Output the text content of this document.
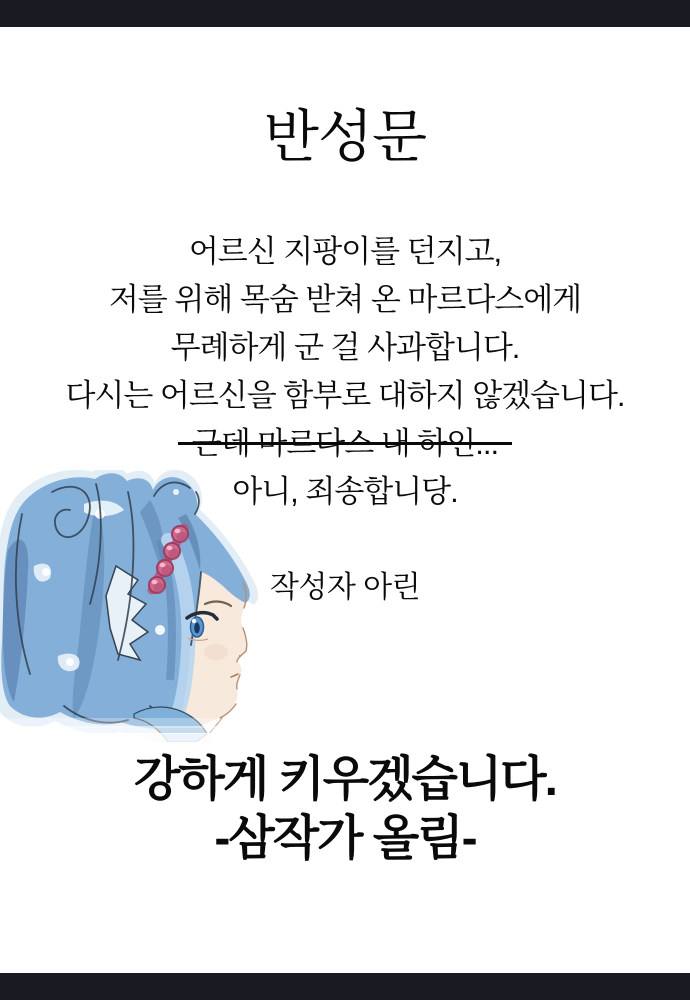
반성문
어르신 지팡이를 던지고,
저를 위해 목숨 받쳐 온 마르다스에게
무례하게 군 걸 사과합니다.
다시는 어르신을 함부로 대하지 않겠습니다.
근데 마르다스 내 하인...
아니, 죄송합니당.
작성자 아린
강하게 키우겠습니다.
-삼작가 올림-
